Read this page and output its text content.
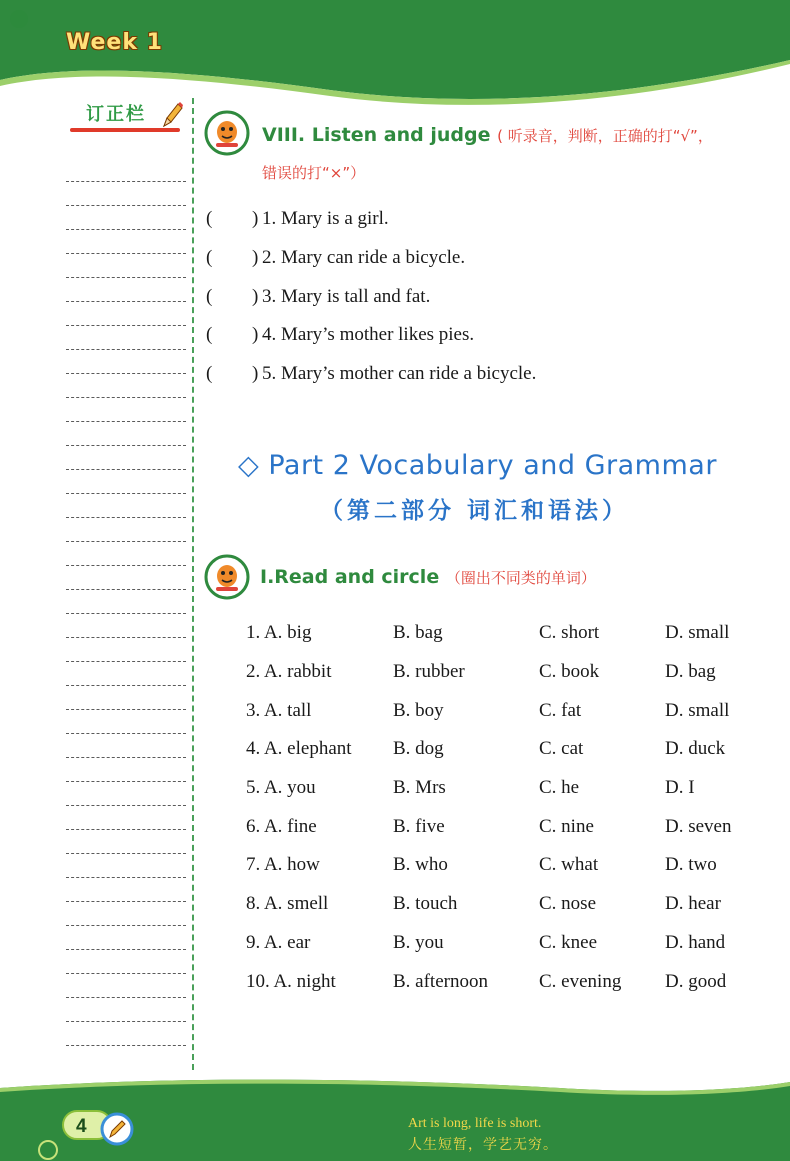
Week 1
订正栏
VIII. Listen and judge ( 听录音，判断，正确的打“√”，
错误的打“×”）
(	) 1. Mary is a girl.
(	) 2. Mary can ride a bicycle.
(	) 3. Mary is tall and fat.
(	) 4. Mary’s mother likes pies.
(	) 5. Mary’s mother can ride a bicycle.
◇ Part 2 Vocabulary and Grammar
（第二部分 词汇和语法）
I.Read and circle （圈出不同类的单词）
1. A. big	B. bag	C. short	D. small
2. A. rabbit	B. rubber	C. book	D. bag
3. A. tall	B. boy	C. fat	D. small
4. A. elephant	B. dog	C. cat	D. duck
5. A. you	B. Mrs	C. he	D. I
6. A. fine	B. five	C. nine	D. seven
7. A. how	B. who	C. what	D. two
8. A. smell	B. touch	C. nose	D. hear
9. A. ear	B. you	C. knee	D. hand
10. A. night	B. afternoon	C. evening	D. good
4	Art is long, life is short.
人生短暂，学艺无穷。
